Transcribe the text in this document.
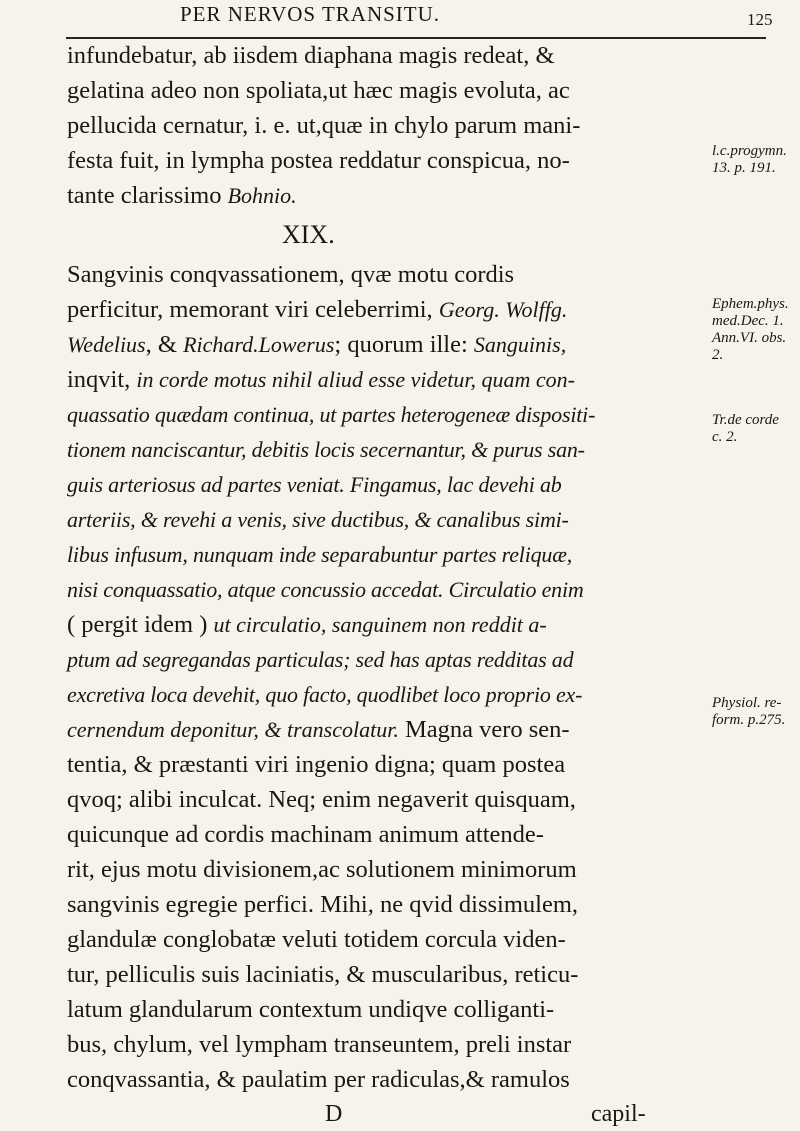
PER NERVOS TRANSITU.	125
infundebatur, ab iisdem diaphana magis redeat, &
gelatina adeo non spoliata,ut hæc magis evoluta, ac
pellucida cernatur, i. e. ut,quæ in chylo parum mani-
festa fuit, in lympha postea reddatur conspicua, no-
tante clarissimo Bohnio.
XIX.
Sangvinis conqvassationem, qvæ motu cordis
perficitur, memorant viri celeberrimi, Georg. Wolffg.
Wedelius, & Richard.Lowerus; quorum ille: Sanguinis,
inqvit, in corde motus nihil aliud esse videtur, quam con-
quassatio quædam continua, ut partes heterogeneæ dispositi-
tionem nanciscantur, debitis locis secernantur, & purus san-
guis arteriosus ad partes veniat. Fingamus, lac devehi ab
arteriis, & revehi a venis, sive ductibus, & canalibus simi-
libus infusum, nunquam inde separabuntur partes reliquæ,
nisi conquassatio, atque concussio accedat. Circulatio enim
( pergit idem ) ut circulatio, sanguinem non reddit a-
ptum ad segregandas particulas; sed has aptas redditas ad
excretiva loca devehit, quo facto, quodlibet loco proprio ex-
cernendum deponitur, & transcolatur. Magna vero sen-
tentia, & præstanti viri ingenio digna; quam postea
qvoq; alibi inculcat. Neq; enim negaverit quisquam,
quicunque ad cordis machinam animum attende-
rit, ejus motu divisionem,ac solutionem minimorum
sangvinis egregie perfici. Mihi, ne qvid dissimulem,
glandulæ conglobatæ veluti totidem corcula viden-
tur, pelliculis suis laciniatis, & muscularibus, reticu-
latum glandularum contextum undiqve colliganti-
bus, chylum, vel lympham transeuntem, preli instar
conqvassantia, & paulatim per radiculas,& ramulos
D	capil-
l.c.progymn.
13. p. 191.
Ephem.phys.
med.Dec. 1.
Ann.VI. obs.
2.
Tr.de corde
c. 2.
Physiol. re-
form. p.275.
